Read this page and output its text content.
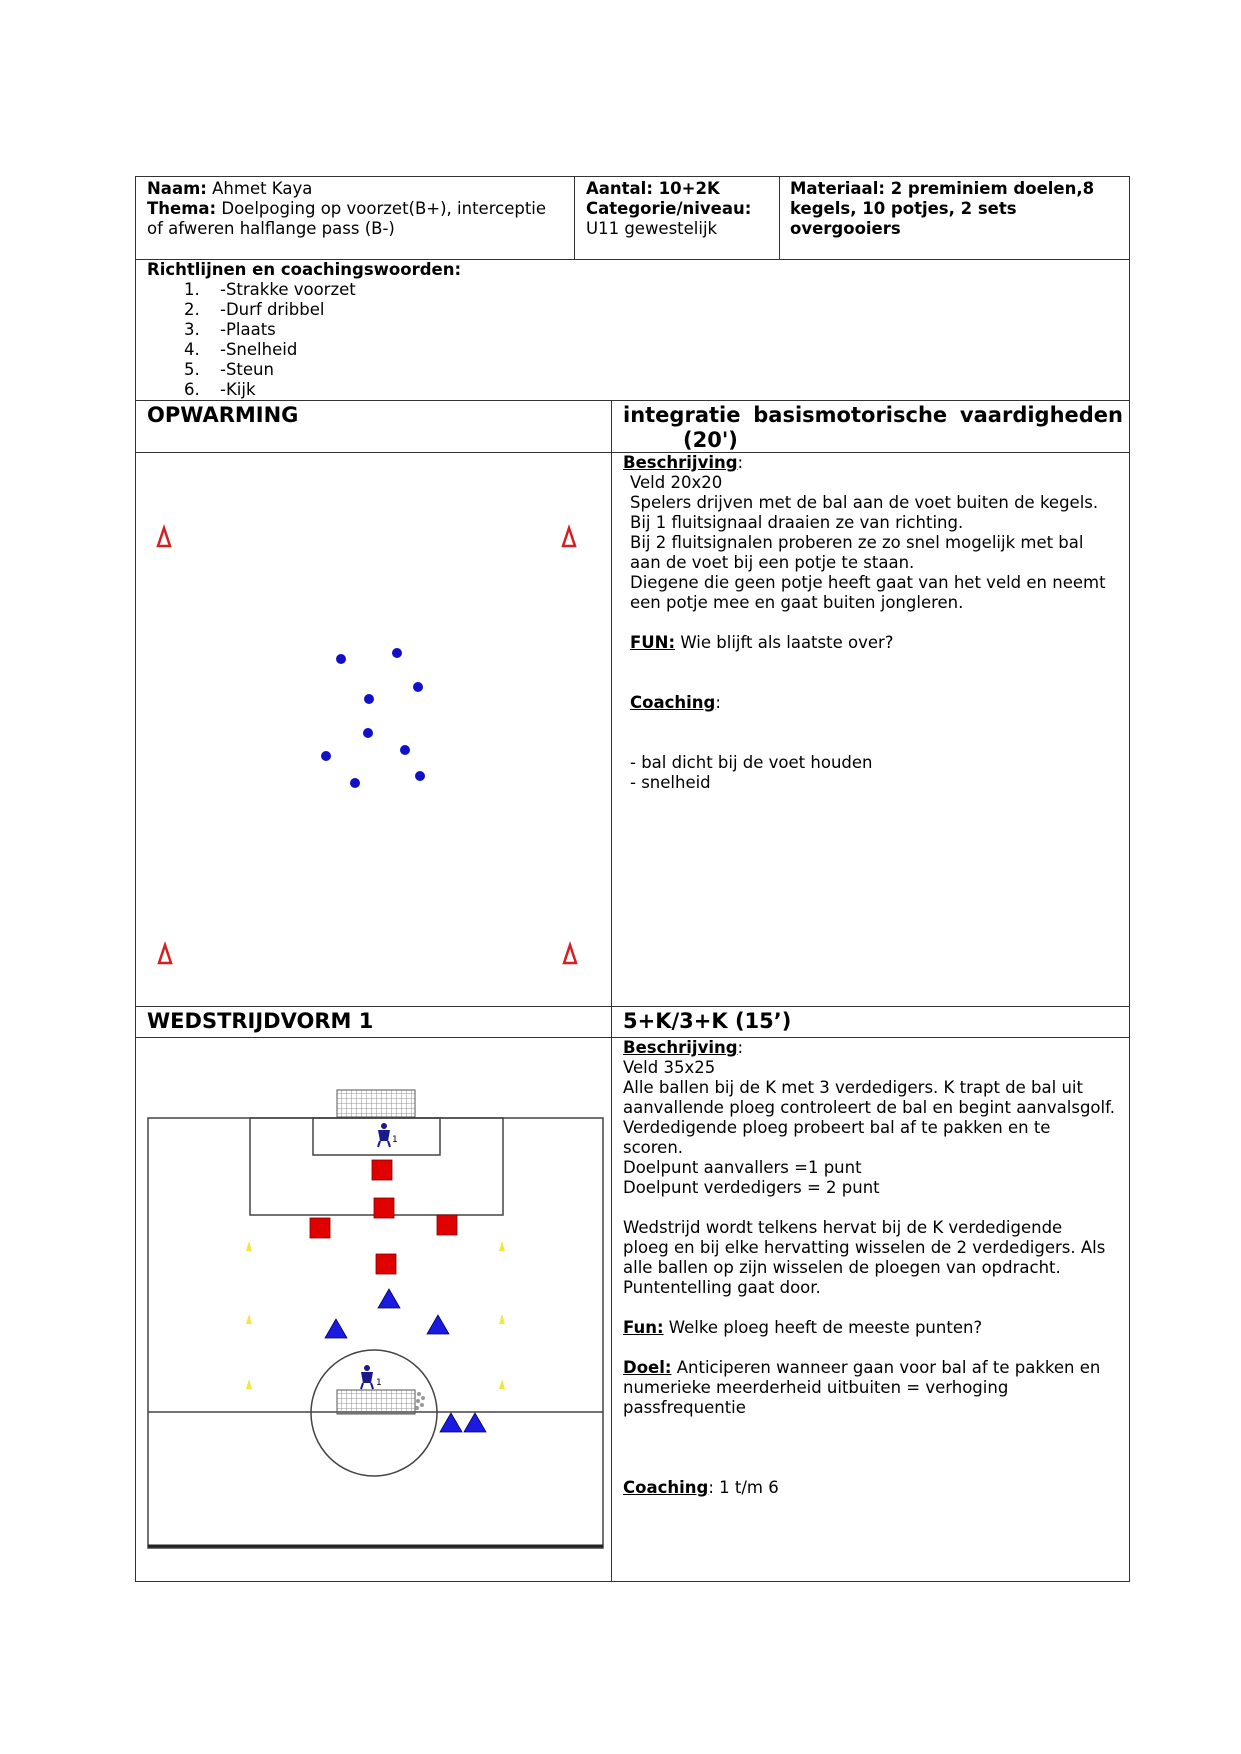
Naam: Ahmet Kaya
Thema: Doelpoging op voorzet(B+), interceptie
of afweren halflange pass (B-)
Aantal: 10+2K
Categorie/niveau:
U11 gewestelijk
Materiaal: 2 preminiem doelen,8
kegels, 10 potjes, 2 sets
overgooiers
Richtlijnen en coachingswoorden:
1. -Strakke voorzet
2. -Durf dribbel
3. -Plaats
4. -Snelheid
5. -Steun
6. -Kijk
OPWARMING	integratie basismotorische vaardigheden
(20')
Beschrijving:
Veld 20x20
Spelers drijven met de bal aan de voet buiten de kegels.
Bij 1 fluitsignaal draaien ze van richting.
Bij 2 fluitsignalen proberen ze zo snel mogelijk met bal
aan de voet bij een potje te staan.
Diegene die geen potje heeft gaat van het veld en neemt
een potje mee en gaat buiten jongleren.
FUN: Wie blijft als laatste over?
Coaching:
- bal dicht bij de voet houden
- snelheid
WEDSTRIJDVORM 1	5+K/3+K (15’)
Beschrijving:
Veld 35x25
Alle ballen bij de K met 3 verdedigers. K trapt de bal uit
aanvallende ploeg controleert de bal en begint aanvalsgolf.
Verdedigende ploeg probeert bal af te pakken en te
scoren.
Doelpunt aanvallers =1 punt
Doelpunt verdedigers = 2 punt
Wedstrijd wordt telkens hervat bij de K verdedigende
ploeg en bij elke hervatting wisselen de 2 verdedigers. Als
alle ballen op zijn wisselen de ploegen van opdracht.
Puntentelling gaat door.
Fun: Welke ploeg heeft de meeste punten?
Doel: Anticiperen wanneer gaan voor bal af te pakken en
numerieke meerderheid uitbuiten = verhoging
passfrequentie
Coaching: 1 t/m 6
1
1
